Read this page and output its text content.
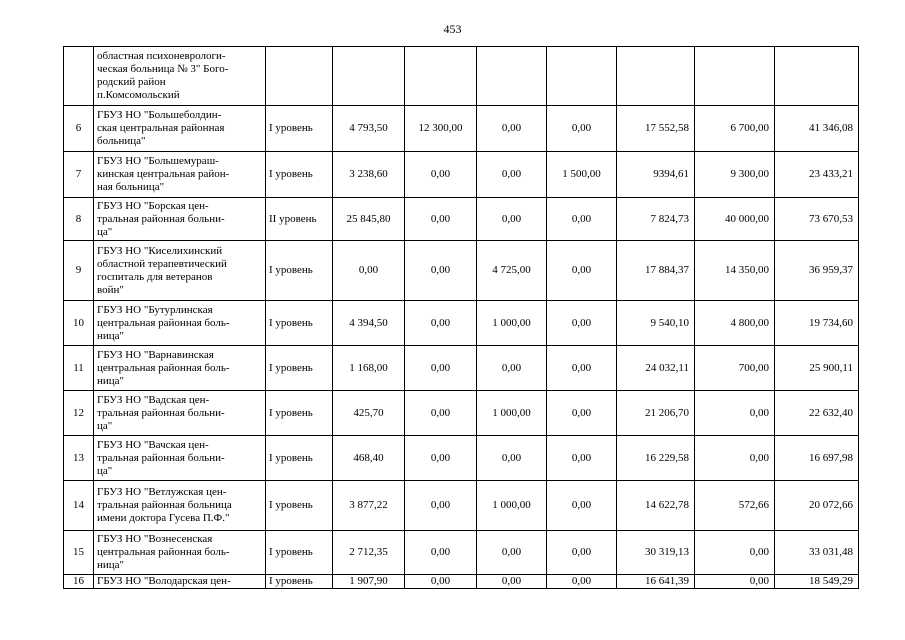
453
	областная психоневрологи-
ческая больница № 3" Бого-
родский район
п.Комсомольский								
6	ГБУЗ НО "Большеболдин-
ская центральная районная
больница"	I уровень	4 793,50	12 300,00	0,00	0,00	17 552,58	6 700,00	41 346,08
7	ГБУЗ НО "Большемураш-
кинская центральная район-
ная больница"	I уровень	3 238,60	0,00	0,00	1 500,00	9394,61	9 300,00	23 433,21
8	ГБУЗ НО "Борская цен-
тральная районная больни-
ца"	II уровень	25 845,80	0,00	0,00	0,00	7 824,73	40 000,00	73 670,53
9	ГБУЗ НО "Киселихинский
областной терапевтический
госпиталь для ветеранов
войн"	I уровень	0,00	0,00	4 725,00	0,00	17 884,37	14 350,00	36 959,37
10	ГБУЗ НО "Бутурлинская
центральная районная боль-
ница"	I уровень	4 394,50	0,00	1 000,00	0,00	9 540,10	4 800,00	19 734,60
11	ГБУЗ НО "Варнавинская
центральная районная боль-
ница"	I уровень	1 168,00	0,00	0,00	0,00	24 032,11	700,00	25 900,11
12	ГБУЗ НО "Вадская цен-
тральная районная больни-
ца"	I уровень	425,70	0,00	1 000,00	0,00	21 206,70	0,00	22 632,40
13	ГБУЗ НО "Вачская цен-
тральная районная больни-
ца"	I уровень	468,40	0,00	0,00	0,00	16 229,58	0,00	16 697,98
14	ГБУЗ НО "Ветлужская цен-
тральная районная больница
имени доктора Гусева П.Ф."	I уровень	3 877,22	0,00	1 000,00	0,00	14 622,78	572,66	20 072,66
15	ГБУЗ НО "Вознесенская
центральная районная боль-
ница"	I уровень	2 712,35	0,00	0,00	0,00	30 319,13	0,00	33 031,48
16	ГБУЗ НО "Володарская цен-	I уровень	1 907,90	0,00	0,00	0,00	16 641,39	0,00	18 549,29
